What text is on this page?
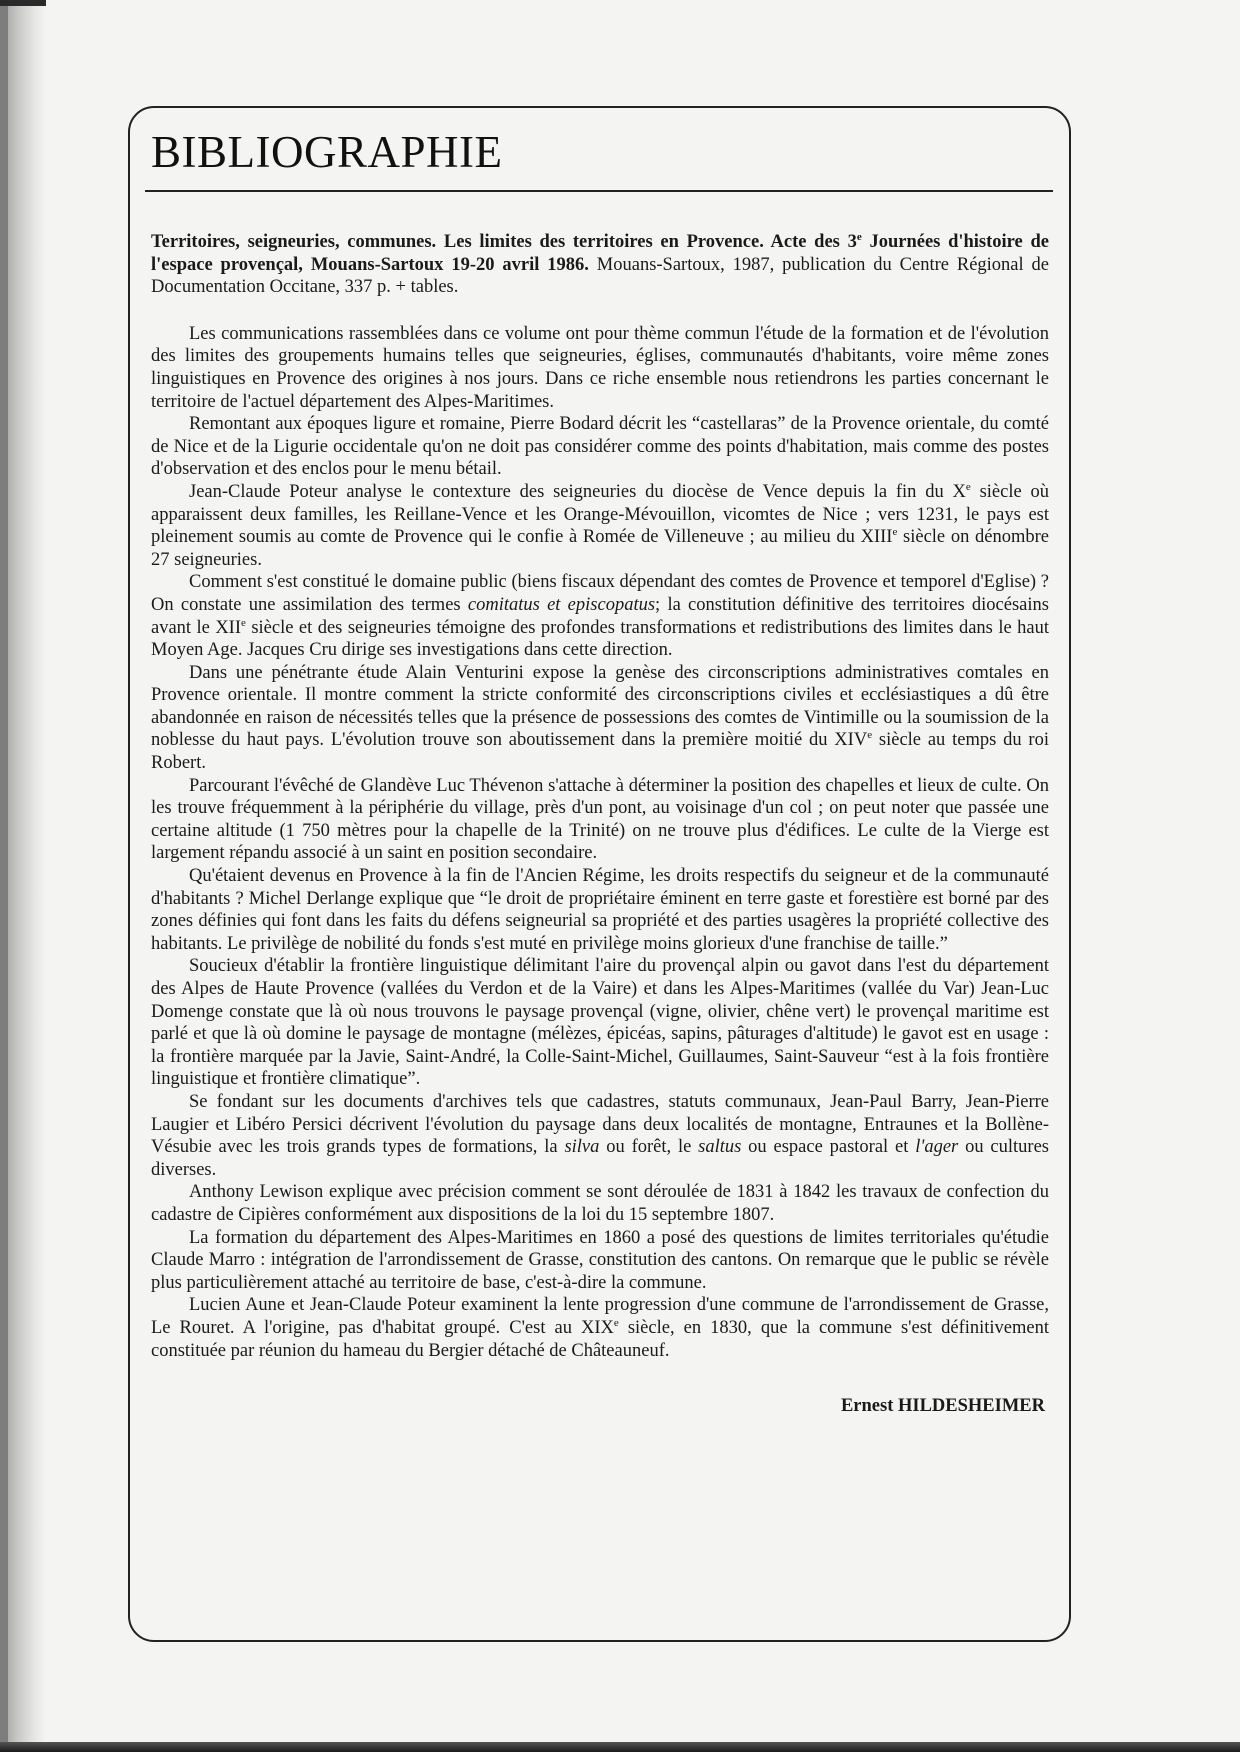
BIBLIOGRAPHIE

Territoires, seigneuries, communes. Les limites des territoires en Provence. Acte des 3e Journées d'histoire de l'espace provençal, Mouans-Sartoux 19-20 avril 1986. Mouans-Sartoux, 1987, publication du Centre Régional de Documentation Occitane, 337 p. + tables.

Les communications rassemblées dans ce volume ont pour thème commun l'étude de la formation et de l'évolution des limites des groupements humains telles que seigneuries, églises, communautés d'habitants, voire même zones linguistiques en Provence des origines à nos jours. Dans ce riche ensemble nous retiendrons les parties concernant le territoire de l'actuel département des Alpes-Maritimes.

Remontant aux époques ligure et romaine, Pierre Bodard décrit les “castellaras” de la Provence orientale, du comté de Nice et de la Ligurie occidentale qu'on ne doit pas considérer comme des points d'habitation, mais comme des postes d'observation et des enclos pour le menu bétail.

Jean-Claude Poteur analyse le contexture des seigneuries du diocèse de Vence depuis la fin du Xe siècle où apparaissent deux familles, les Reillane-Vence et les Orange-Mévouillon, vicomtes de Nice ; vers 1231, le pays est pleinement soumis au comte de Provence qui le confie à Romée de Villeneuve ; au milieu du XIIIe siècle on dénombre 27 seigneuries.

Comment s'est constitué le domaine public (biens fiscaux dépendant des comtes de Provence et temporel d'Eglise) ? On constate une assimilation des termes comitatus et episcopatus; la constitution définitive des territoires diocésains avant le XIIe siècle et des seigneuries témoigne des profondes transformations et redistributions des limites dans le haut Moyen Age. Jacques Cru dirige ses investigations dans cette direction.

Dans une pénétrante étude Alain Venturini expose la genèse des circonscriptions administratives comtales en Provence orientale. Il montre comment la stricte conformité des circonscriptions civiles et ecclésiastiques a dû être abandonnée en raison de nécessités telles que la présence de possessions des comtes de Vintimille ou la soumission de la noblesse du haut pays. L'évolution trouve son aboutissement dans la première moitié du XIVe siècle au temps du roi Robert.

Parcourant l'évêché de Glandève Luc Thévenon s'attache à déterminer la position des chapelles et lieux de culte. On les trouve fréquemment à la périphérie du village, près d'un pont, au voisinage d'un col ; on peut noter que passée une certaine altitude (1 750 mètres pour la chapelle de la Trinité) on ne trouve plus d'édifices. Le culte de la Vierge est largement répandu associé à un saint en position secondaire.

Qu'étaient devenus en Provence à la fin de l'Ancien Régime, les droits respectifs du seigneur et de la communauté d'habitants ? Michel Derlange explique que “le droit de propriétaire éminent en terre gaste et forestière est borné par des zones définies qui font dans les faits du défens seigneurial sa propriété et des parties usagères la propriété collective des habitants. Le privilège de nobilité du fonds s'est muté en privilège moins glorieux d'une franchise de taille.”

Soucieux d'établir la frontière linguistique délimitant l'aire du provençal alpin ou gavot dans l'est du département des Alpes de Haute Provence (vallées du Verdon et de la Vaire) et dans les Alpes-Maritimes (vallée du Var) Jean-Luc Domenge constate que là où nous trouvons le paysage provençal (vigne, olivier, chêne vert) le provençal maritime est parlé et que là où domine le paysage de montagne (mélèzes, épicéas, sapins, pâturages d'altitude) le gavot est en usage : la frontière marquée par la Javie, Saint-André, la Colle-Saint-Michel, Guillaumes, Saint-Sauveur “est à la fois frontière linguistique et frontière climatique”.

Se fondant sur les documents d'archives tels que cadastres, statuts communaux, Jean-Paul Barry, Jean-Pierre Laugier et Libéro Persici décrivent l'évolution du paysage dans deux localités de montagne, Entraunes et la Bollène-Vésubie avec les trois grands types de formations, la silva ou forêt, le saltus ou espace pastoral et l'ager ou cultures diverses.

Anthony Lewison explique avec précision comment se sont déroulée de 1831 à 1842 les travaux de confection du cadastre de Cipières conformément aux dispositions de la loi du 15 septembre 1807.

La formation du département des Alpes-Maritimes en 1860 a posé des questions de limites territoriales qu'étudie Claude Marro : intégration de l'arrondissement de Grasse, constitution des cantons. On remarque que le public se révèle plus particulièrement attaché au territoire de base, c'est-à-dire la commune.

Lucien Aune et Jean-Claude Poteur examinent la lente progression d'une commune de l'arrondissement de Grasse, Le Rouret. A l'origine, pas d'habitat groupé. C'est au XIXe siècle, en 1830, que la commune s'est définitivement constituée par réunion du hameau du Bergier détaché de Châteauneuf.

Ernest HILDESHEIMER
